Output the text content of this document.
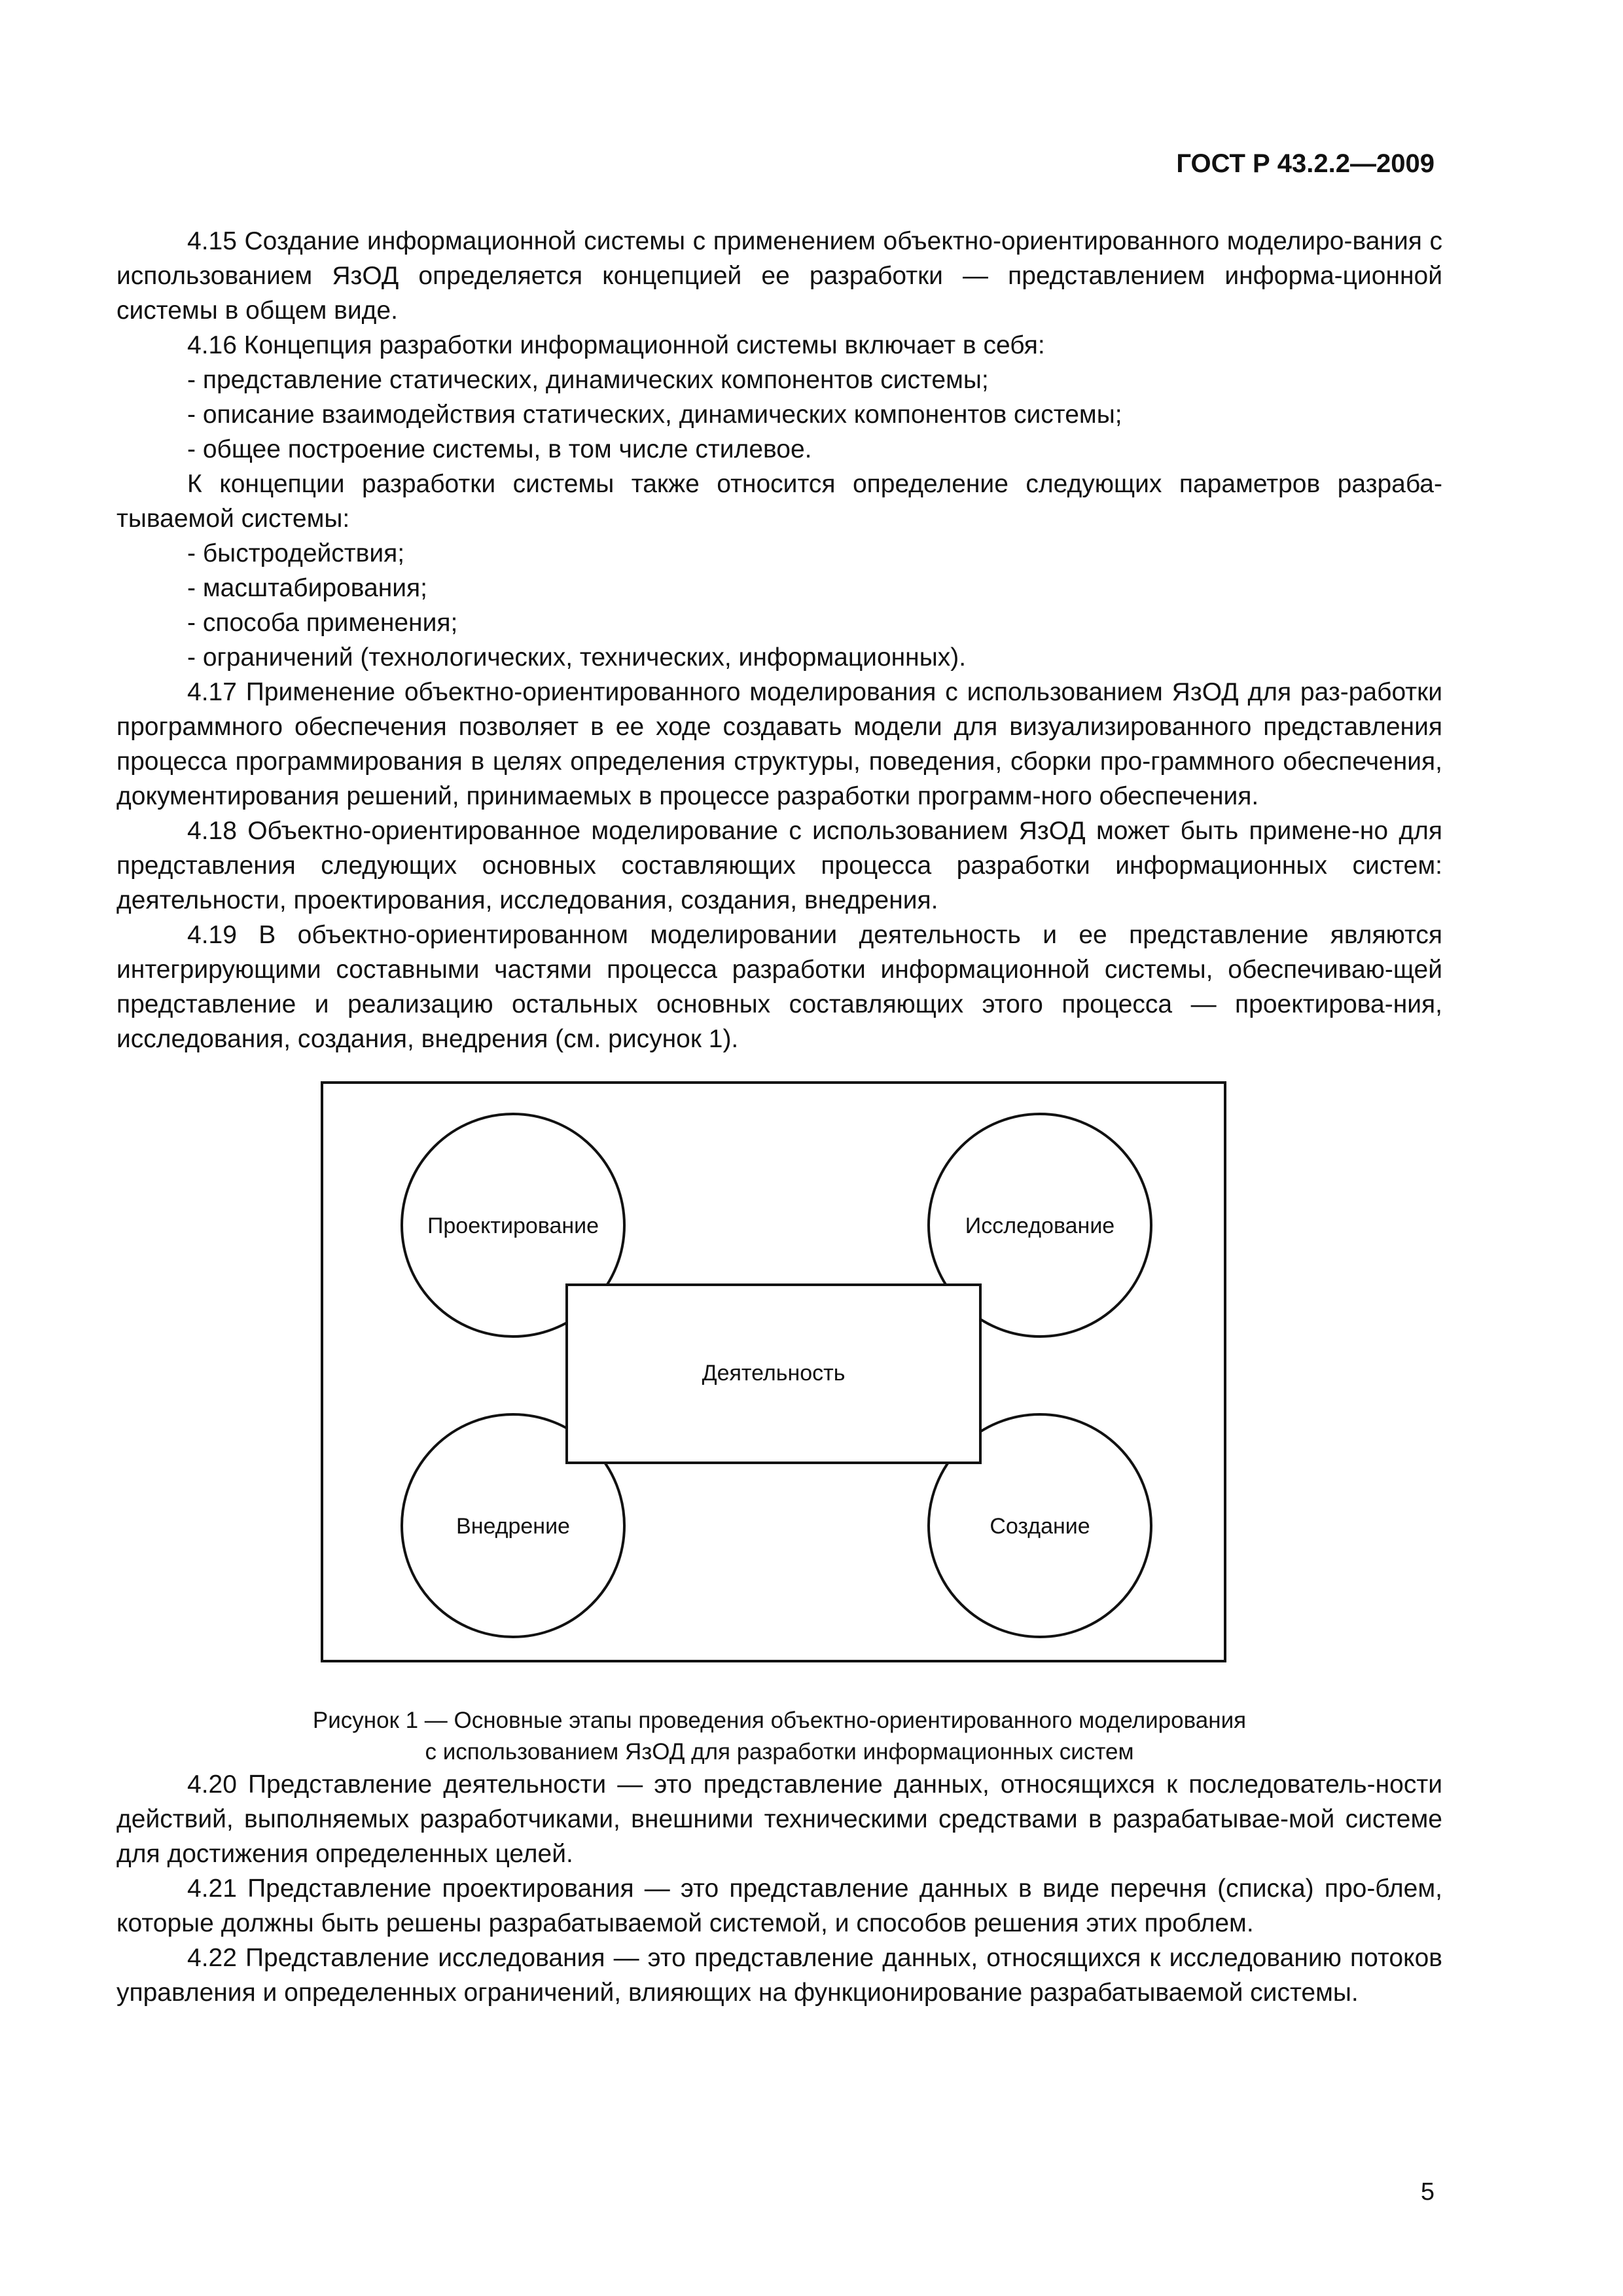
ГОСТ Р 43.2.2—2009

4.15 Создание информационной системы с применением объектно-ориентированного моделиро-вания с использованием ЯзОД определяется концепцией ее разработки — представлением информа-ционной системы в общем виде.

4.16 Концепция разработки информационной системы включает в себя:

- представление статических, динамических компонентов системы;

- описание взаимодействия статических, динамических компонентов системы;

- общее построение системы, в том числе стилевое.

К концепции разработки системы также относится определение следующих параметров разраба-тываемой системы:

- быстродействия;

- масштабирования;

- способа применения;

- ограничений (технологических, технических, информационных).

4.17 Применение объектно-ориентированного моделирования с использованием ЯзОД для раз-работки программного обеспечения позволяет в ее ходе создавать модели для визуализированного представления процесса программирования в целях определения структуры, поведения, сборки про-граммного обеспечения, документирования решений, принимаемых в процессе разработки программ-ного обеспечения.

4.18 Объектно-ориентированное моделирование с использованием ЯзОД может быть примене-но для представления следующих основных составляющих процесса разработки информационных систем: деятельности, проектирования, исследования, создания, внедрения.

4.19 В объектно-ориентированном моделировании деятельность и ее представление являются интегрирующими составными частями процесса разработки информационной системы, обеспечиваю-щей представление и реализацию остальных основных составляющих этого процесса — проектирова-ния, исследования, создания, внедрения (см. рисунок 1).

Проектирование	Исследование
Внедрение	Создание
Деятельность

Рисунок 1 — Основные этапы проведения объектно-ориентированного моделирования

с использованием ЯзОД для разработки информационных систем

4.20 Представление деятельности — это представление данных, относящихся к последователь-ности действий, выполняемых разработчиками, внешними техническими средствами в разрабатывае-мой системе для достижения определенных целей.

4.21 Представление проектирования — это представление данных в виде перечня (списка) про-блем, которые должны быть решены разрабатываемой системой, и способов решения этих проблем.

4.22 Представление исследования — это представление данных, относящихся к исследованию потоков управления и определенных ограничений, влияющих на функционирование разрабатываемой системы.

5
